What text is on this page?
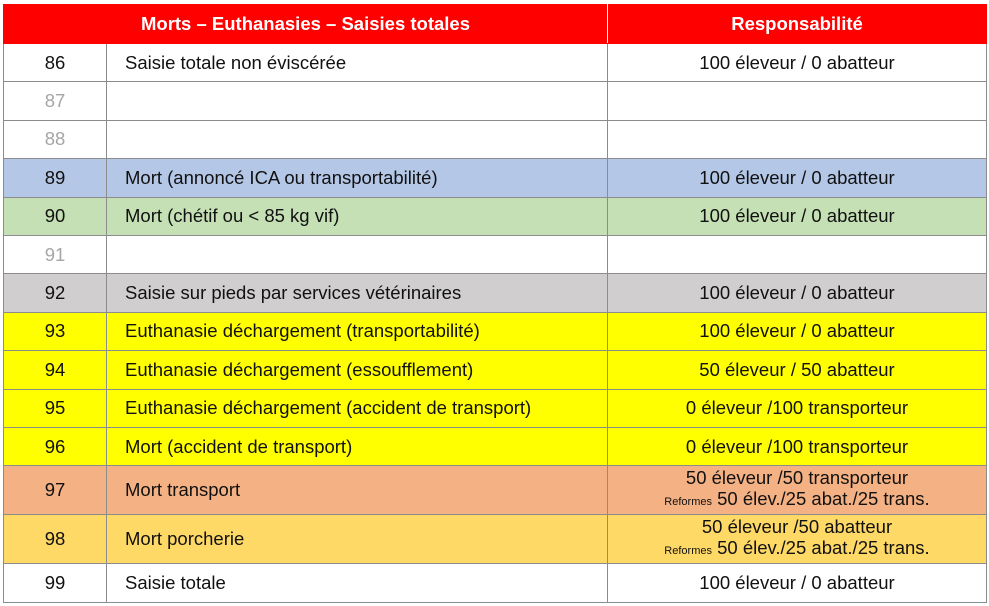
Morts – Euthanasies – Saisies totales		Responsabilité
86	Saisie totale non éviscérée	100 éleveur / 0 abatteur
87		
88		
89	Mort (annoncé ICA ou transportabilité)	100 éleveur / 0 abatteur
90	Mort (chétif ou < 85 kg vif)	100 éleveur / 0 abatteur
91		
92	Saisie sur pieds par services vétérinaires	100 éleveur / 0 abatteur
93	Euthanasie déchargement (transportabilité)	100 éleveur / 0 abatteur
94	Euthanasie déchargement (essoufflement)	50 éleveur / 50 abatteur
95	Euthanasie déchargement (accident de transport)	0 éleveur /100 transporteur
96	Mort (accident de transport)	0 éleveur /100 transporteur
97	Mort transport	50 éleveur /50 transporteur
Reformes 50 élev./25 abat./25 trans.

98	Mort porcherie	50 éleveur /50 abatteur
Reformes 50 élev./25 abat./25 trans.

99	Saisie totale	100 éleveur / 0 abatteur
